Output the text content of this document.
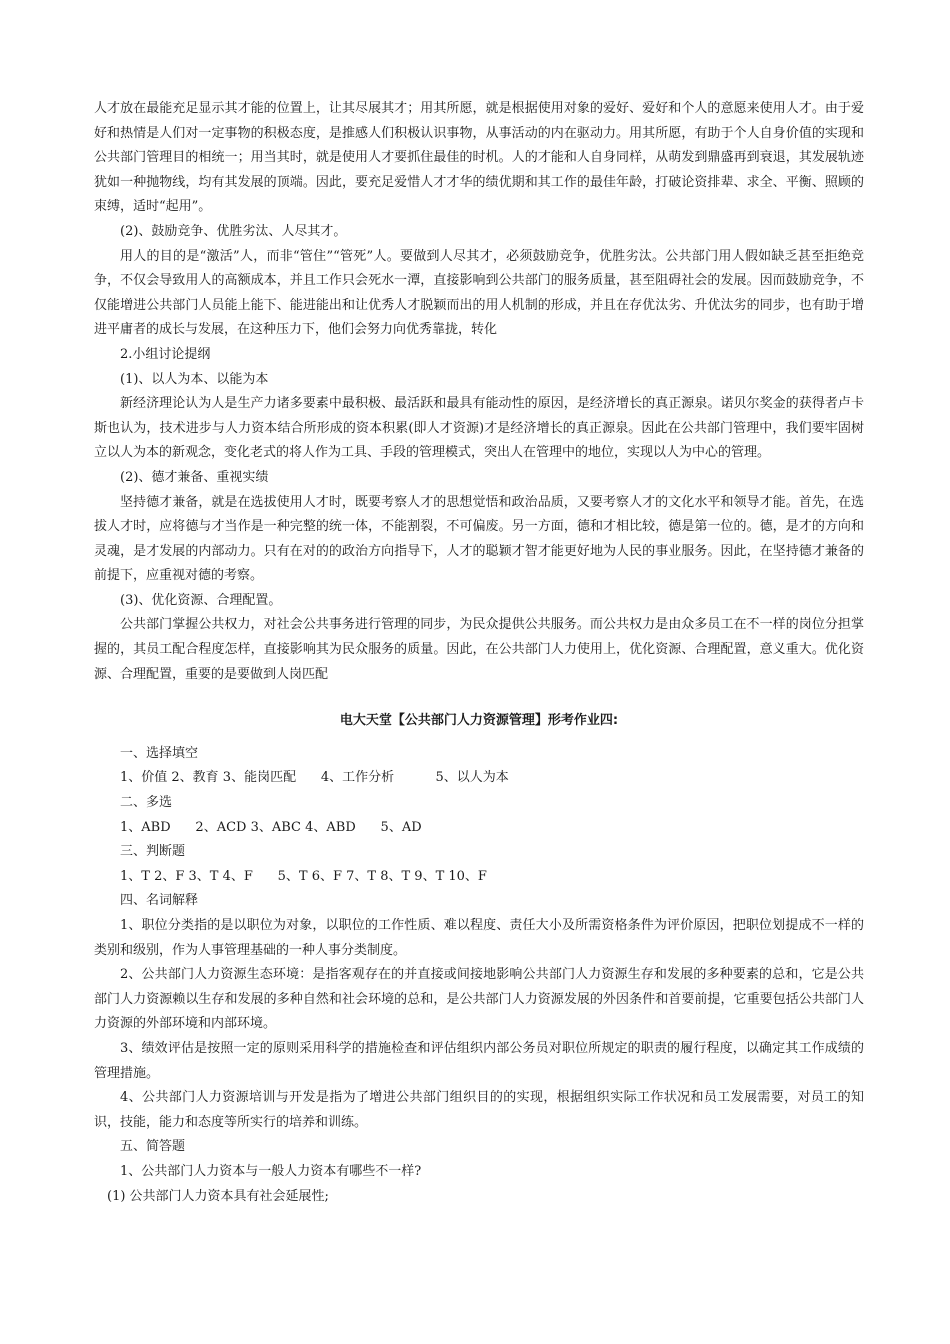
人才放在最能充足显示其才能的位置上，让其尽展其才；用其所愿，就是根据使用对象的爱好、爱好和个人的意愿来使用人才。由于爱好和热情是人们对一定事物的积极态度，是推感人们积极认识事物，从事活动的内在驱动力。用其所愿，有助于个人自身价值的实现和公共部门管理目的相统一；用当其时，就是使用人才要抓住最佳的时机。人的才能和人自身同样，从萌发到鼎盛再到衰退，其发展轨迹犹如一种抛物线，均有其发展的顶端。因此，要充足爱惜人才才华的绩优期和其工作的最佳年龄，打破论资排辈、求全、平衡、照顾的束缚，适时“起用”。

(2)、鼓励竞争、优胜劣汰、人尽其才。

用人的目的是“激活”人，而非“管住”“管死”人。要做到人尽其才，必须鼓励竞争，优胜劣汰。公共部门用人假如缺乏甚至拒绝竞争，不仅会导致用人的高额成本，并且工作只会死水一潭，直接影响到公共部门的服务质量，甚至阻碍社会的发展。因而鼓励竞争，不仅能增进公共部门人员能上能下、能进能出和让优秀人才脱颖而出的用人机制的形成，并且在存优汰劣、升优汰劣的同步，也有助于增进平庸者的成长与发展，在这种压力下，他们会努力向优秀靠拢，转化

2.小组讨论提纲

(1)、以人为本、以能为本

新经济理论认为人是生产力诸多要素中最积极、最活跃和最具有能动性的原因，是经济增长的真正源泉。诺贝尔奖金的获得者卢卡斯也认为，技术进步与人力资本结合所形成的资本积累(即人才资源)才是经济增长的真正源泉。因此在公共部门管理中，我们要牢固树立以人为本的新观念，变化老式的将人作为工具、手段的管理模式，突出人在管理中的地位，实现以人为中心的管理。

(2)、德才兼备、重视实绩

坚持德才兼备，就是在选拔使用人才时，既要考察人才的思想觉悟和政治品质，又要考察人才的文化水平和领导才能。首先，在选拔人才时，应将德与才当作是一种完整的统一体，不能割裂，不可偏废。另一方面，德和才相比较，德是第一位的。德，是才的方向和灵魂，是才发展的内部动力。只有在对的的政治方向指导下，人才的聪颖才智才能更好地为人民的事业服务。因此，在坚持德才兼备的前提下，应重视对德的考察。

(3)、优化资源、合理配置。

公共部门掌握公共权力，对社会公共事务进行管理的同步，为民众提供公共服务。而公共权力是由众多员工在不一样的岗位分担掌握的，其员工配合程度怎样，直接影响其为民众服务的质量。因此，在公共部门人力使用上，优化资源、合理配置，意义重大。优化资源、合理配置，重要的是要做到人岗匹配

电大天堂【公共部门人力资源管理】形考作业四:

一、选择填空

1、价值 2、教育 3、能岗匹配      4、工作分析          5、以人为本

二、多选

1、ABD      2、ACD 3、ABC 4、ABD      5、AD

三、判断题

1、T 2、F 3、T 4、F      5、T 6、F 7、T 8、T 9、T 10、F

四、名词解释

1、职位分类指的是以职位为对象，以职位的工作性质、难以程度、责任大小及所需资格条件为评价原因，把职位划提成不一样的类别和级别，作为人事管理基础的一种人事分类制度。

2、公共部门人力资源生态环境：是指客观存在的并直接或间接地影响公共部门人力资源生存和发展的多种要素的总和，它是公共部门人力资源赖以生存和发展的多种自然和社会环境的总和，是公共部门人力资源发展的外因条件和首要前提，它重要包括公共部门人力资源的外部环境和内部环境。

3、绩效评估是按照一定的原则采用科学的措施检查和评估组织内部公务员对职位所规定的职责的履行程度，以确定其工作成绩的管理措施。

4、公共部门人力资源培训与开发是指为了增进公共部门组织目的的实现，根据组织实际工作状况和员工发展需要，对员工的知识，技能，能力和态度等所实行的培养和训练。

五、简答题

1、公共部门人力资本与一般人力资本有哪些不一样?

(1) 公共部门人力资本具有社会延展性;
